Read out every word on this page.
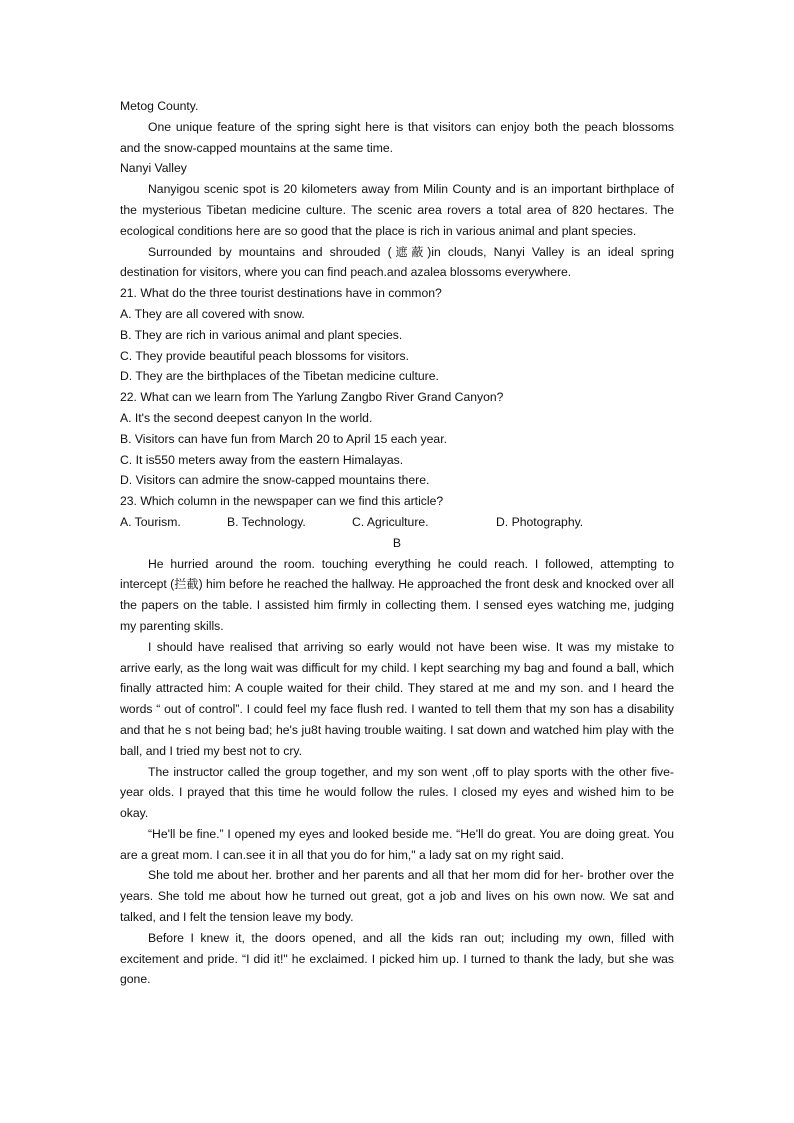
Metog County.
One unique feature of the spring sight here is that visitors can enjoy both the peach blossoms and the snow-capped mountains at the same time.
Nanyi Valley
Nanyigou scenic spot is 20 kilometers away from Milin County and is an important birthplace of the mysterious Tibetan medicine culture. The scenic area rovers a total area of 820 hectares. The ecological conditions here are so good that the place is rich in various animal and plant species.
Surrounded by mountains and shrouded (遮蔽)in clouds, Nanyi Valley is an ideal spring destination for visitors, where you can find peach.and azalea blossoms everywhere.
21. What do the three tourist destinations have in common?
A. They are all covered with snow.
B. They are rich in various animal and plant species.
C. They provide beautiful peach blossoms for visitors.
D. They are the birthplaces of the Tibetan medicine culture.
22. What can we learn from The Yarlung Zangbo River Grand Canyon?
A. It's the second deepest canyon In the world.
B. Visitors can have fun from March 20 to April 15 each year.
C. It is550 meters away from the eastern Himalayas.
D. Visitors can admire the snow-capped mountains there.
23. Which column in the newspaper can we find this article?
A. Tourism.	B. Technology.	C. Agriculture.	D. Photography.
B
He hurried around the room. touching everything he could reach. I followed, attempting to intercept (拦截) him before he reached the hallway. He approached the front desk and knocked over all the papers on the table. I assisted him firmly in collecting them. I sensed eyes watching me, judging my parenting skills.
I should have realised that arriving so early would not have been wise. It was my mistake to arrive early, as the long wait was difficult for my child. I kept searching my bag and found a ball, which finally attracted him: A couple waited for their child. They stared at me and my son. and I heard the words “ out of control”. I could feel my face flush red. I wanted to tell them that my son has a disability and that he s not being bad; he's ju8t having trouble waiting. I sat down and watched him play with the ball, and I tried my best not to cry.
The instructor called the group together, and my son went ,off to play sports with the other five-year olds. I prayed that this time he would follow the rules. I closed my eyes and wished him to be okay.
“He'll be fine.” I opened my eyes and looked beside me. “He'll do great. You are doing great. You are a great mom. I can.see it in all that you do for him," a lady sat on my right said.
She told me about her. brother and her parents and all that her mom did for her- brother over the years. She told me about how he turned out great, got a job and lives on his own now. We sat and talked, and I felt the tension leave my body.
Before I knew it, the doors opened, and all the kids ran out; including my own, filled with excitement and pride. “I did it!" he exclaimed. I picked him up. I turned to thank the lady, but she was gone.
